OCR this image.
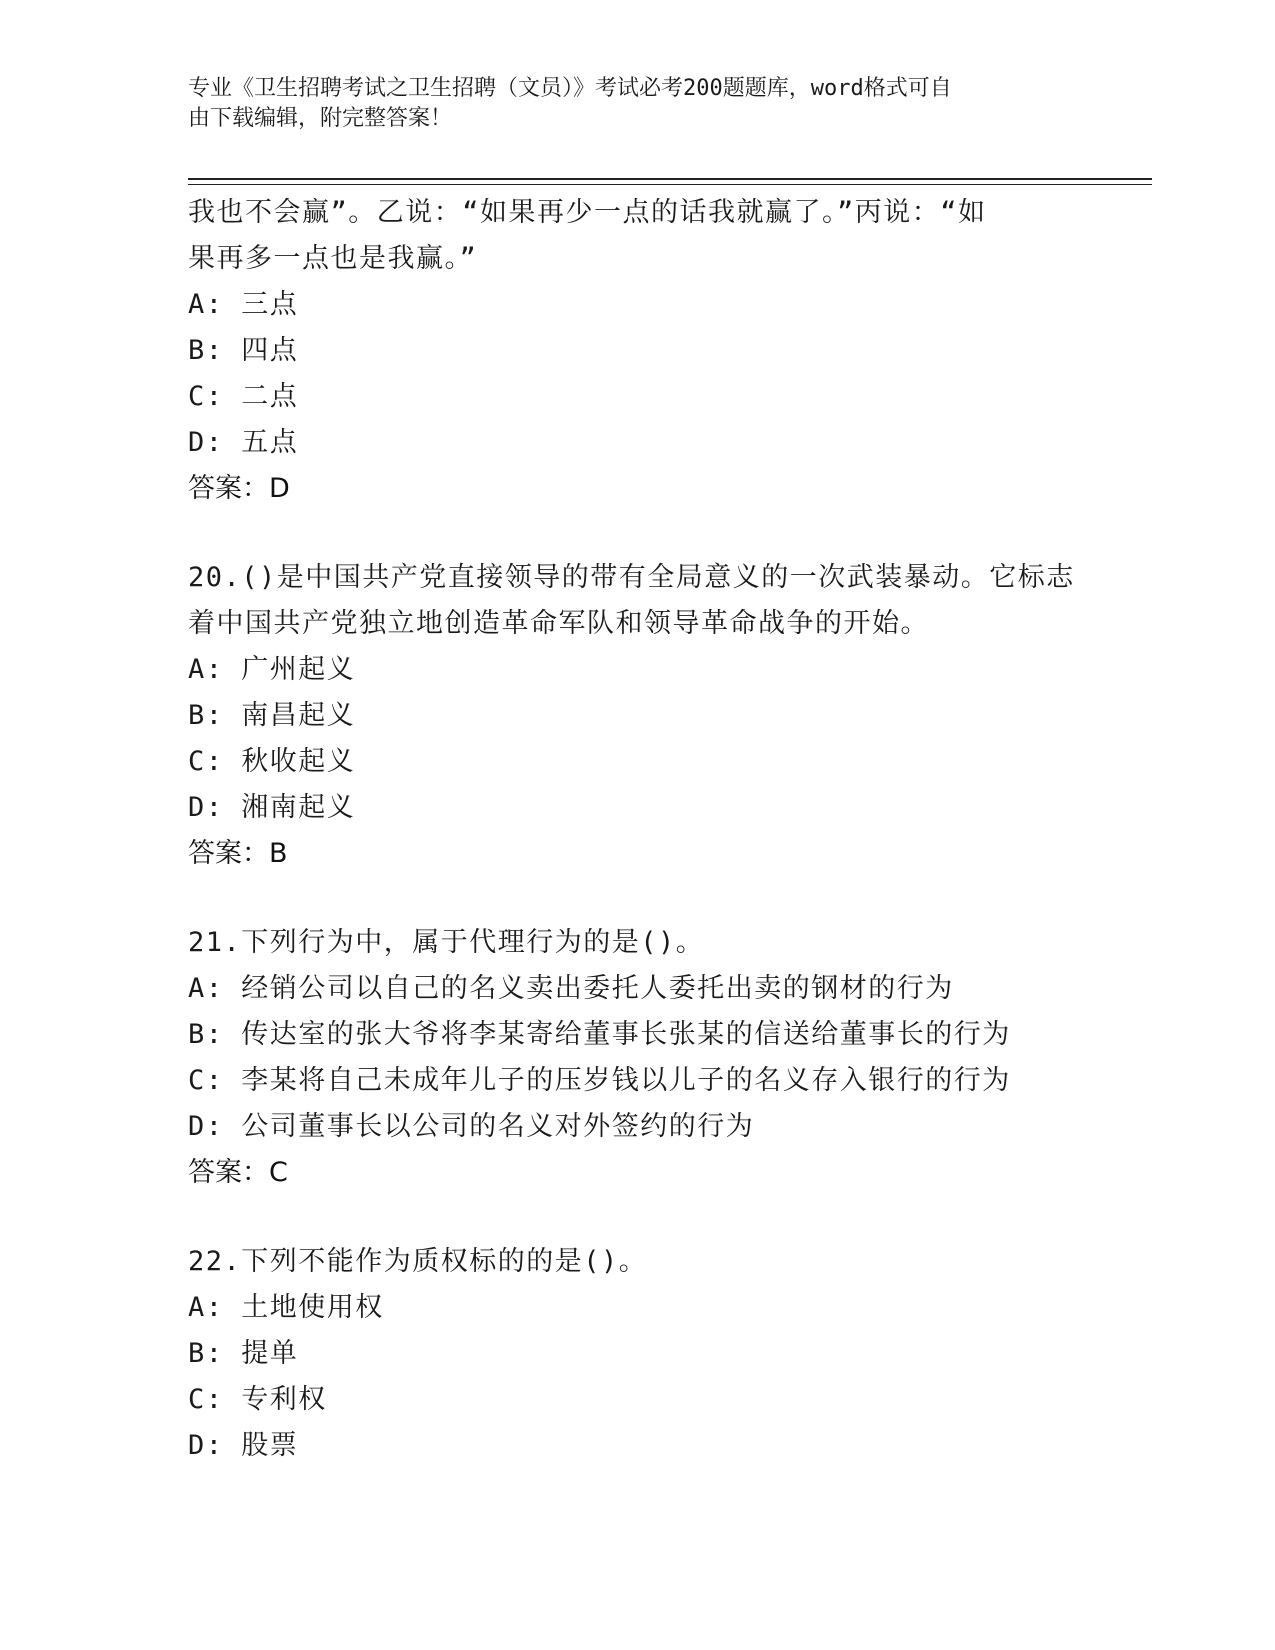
专业《卫生招聘考试之卫生招聘（文员）》考试必考200题题库，word格式可自
由下载编辑，附完整答案！
我也不会赢”。乙说：“如果再少一点的话我就赢了。”丙说：“如
果再多一点也是我赢。”
A: 三点
B: 四点
C: 二点
D: 五点
答案：D
20.()是中国共产党直接领导的带有全局意义的一次武装暴动。它标志
着中国共产党独立地创造革命军队和领导革命战争的开始。
A: 广州起义
B: 南昌起义
C: 秋收起义
D: 湘南起义
答案：B
21.下列行为中，属于代理行为的是()。
A: 经销公司以自己的名义卖出委托人委托出卖的钢材的行为
B: 传达室的张大爷将李某寄给董事长张某的信送给董事长的行为
C: 李某将自己未成年儿子的压岁钱以儿子的名义存入银行的行为
D: 公司董事长以公司的名义对外签约的行为
答案：C
22.下列不能作为质权标的的是()。
A: 土地使用权
B: 提单
C: 专利权
D: 股票
